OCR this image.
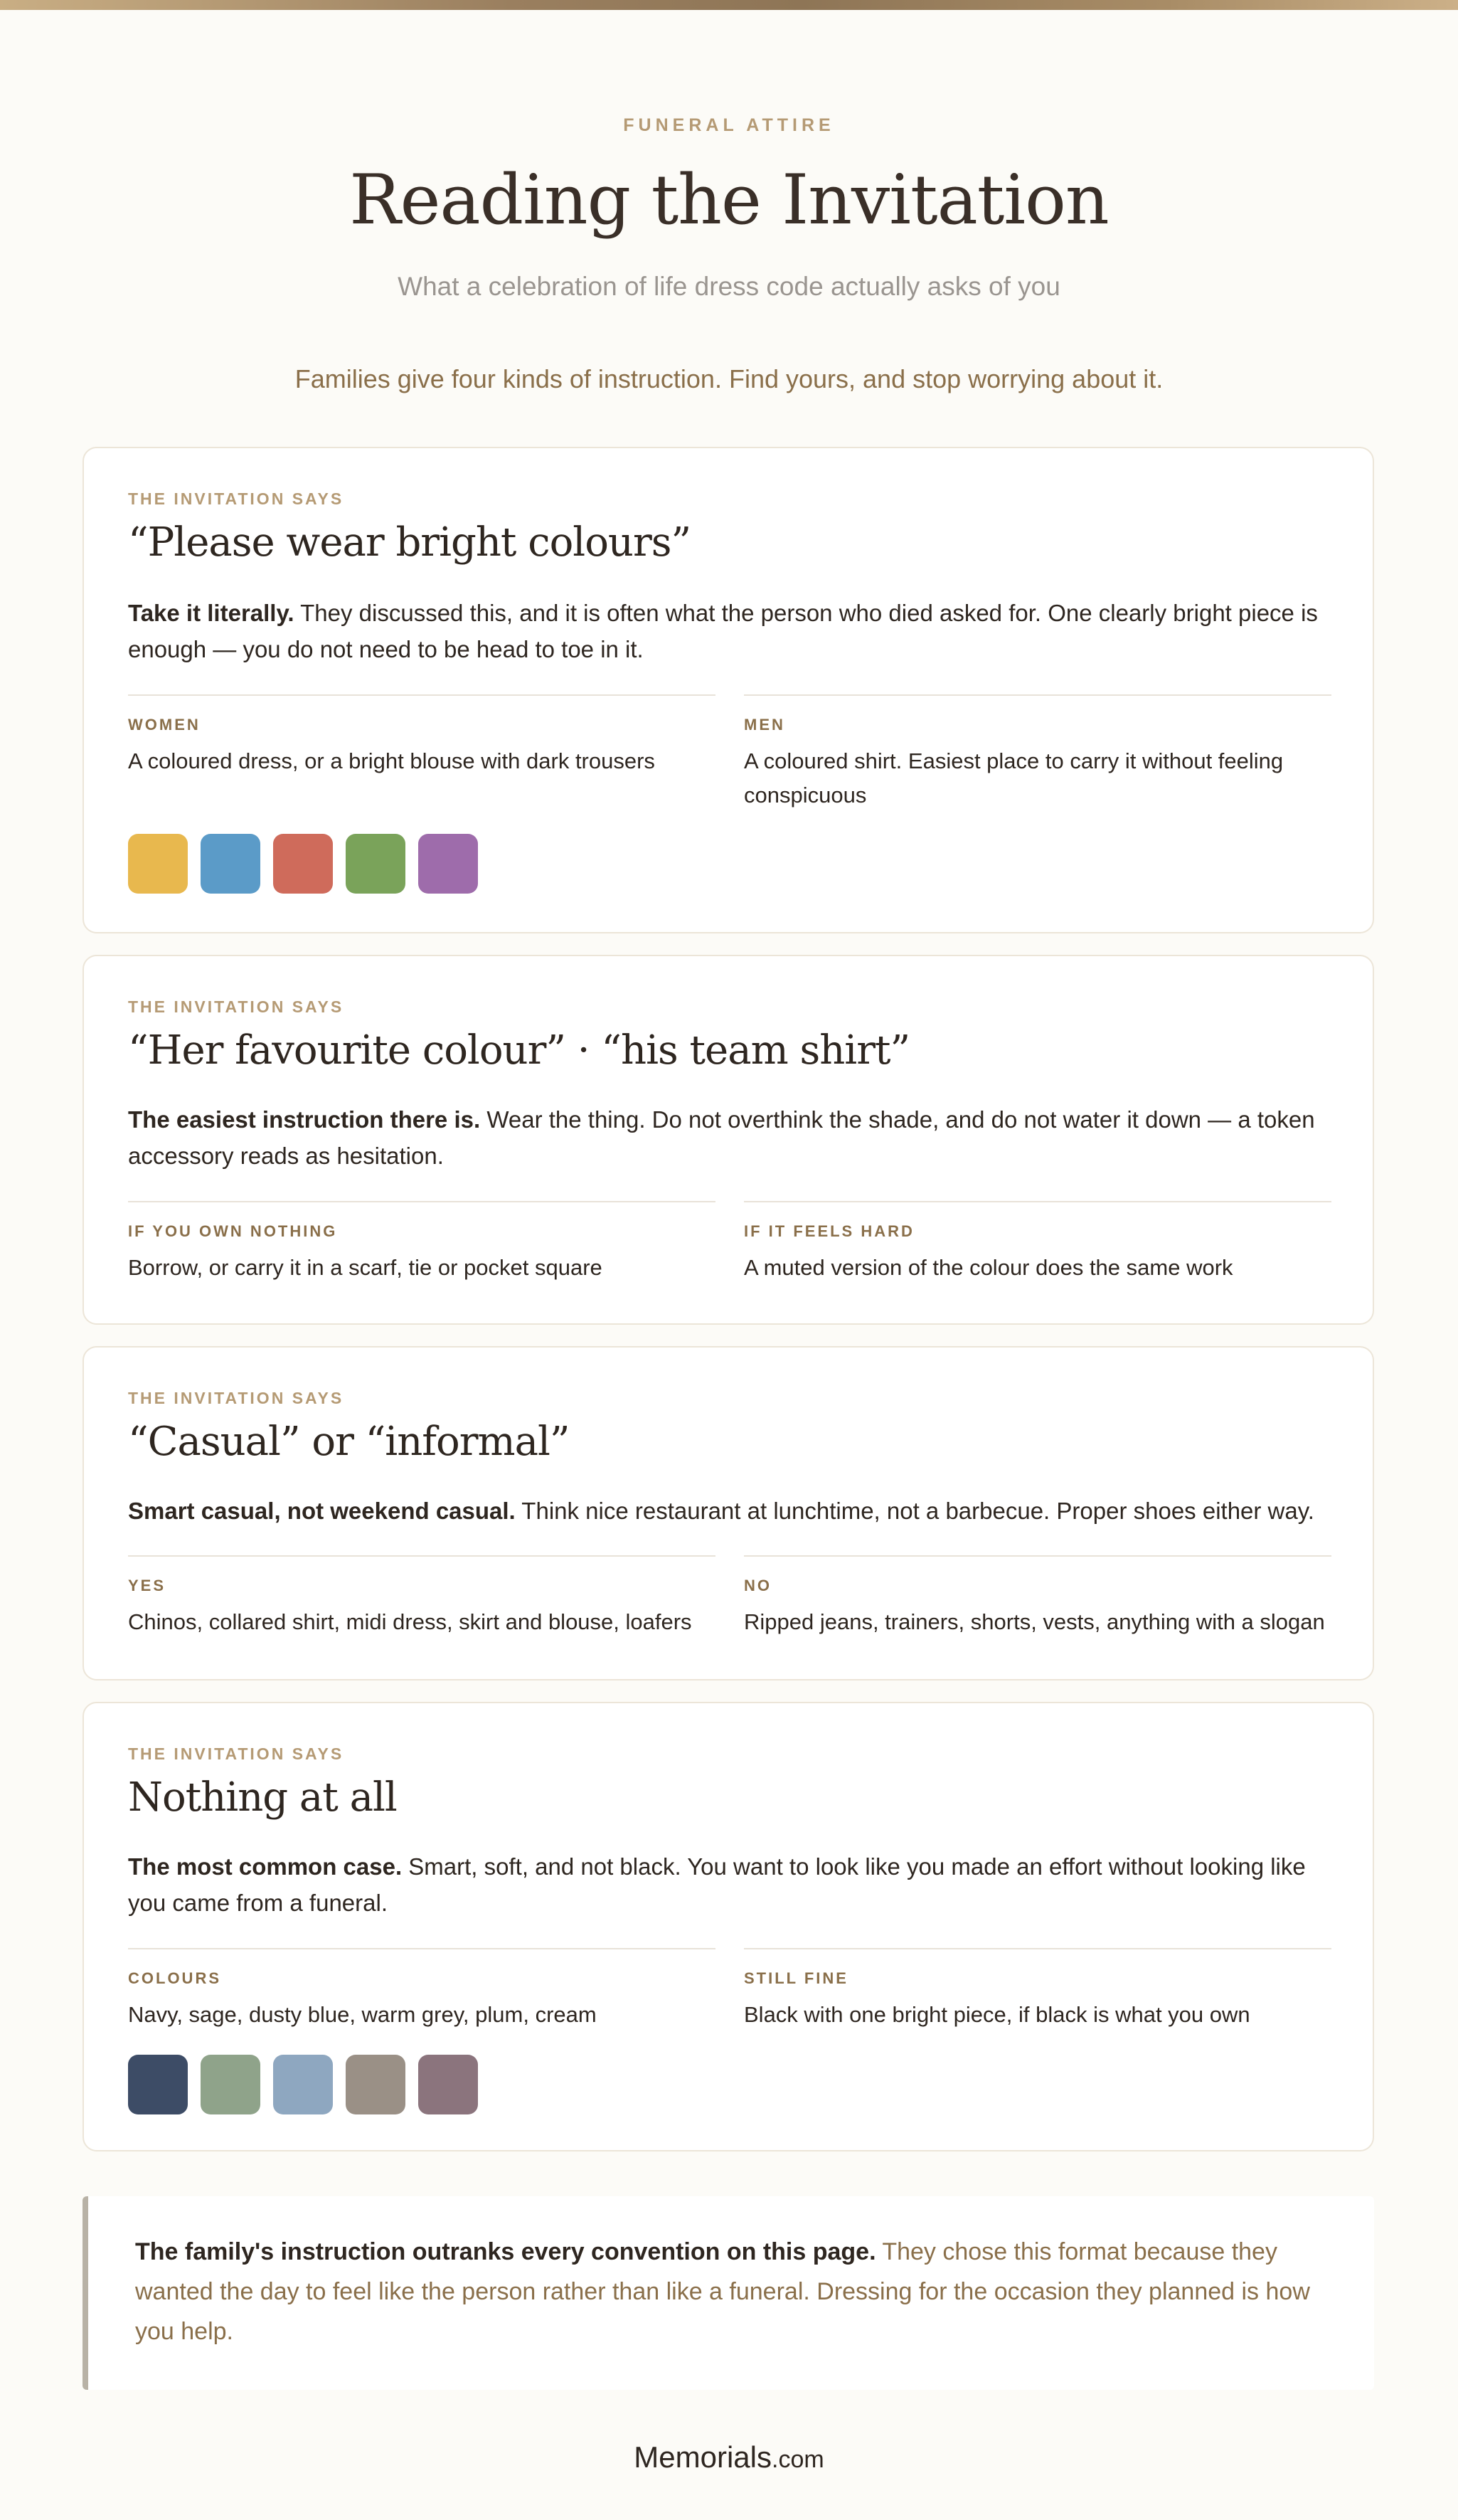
FUNERAL ATTIRE
Reading the Invitation
What a celebration of life dress code actually asks of you
Families give four kinds of instruction. Find yours, and stop worrying about it.
THE INVITATION SAYS
“Please wear bright colours”
Take it literally. They discussed this, and it is often what the person who died asked for. One clearly bright piece is enough — you do not need to be head to toe in it.
WOMEN
A coloured dress, or a bright blouse with dark trousers
MEN
A coloured shirt. Easiest place to carry it without feeling conspicuous
THE INVITATION SAYS
“Her favourite colour” · “his team shirt”
The easiest instruction there is. Wear the thing. Do not overthink the shade, and do not water it down — a token accessory reads as hesitation.
IF YOU OWN NOTHING
Borrow, or carry it in a scarf, tie or pocket square
IF IT FEELS HARD
A muted version of the colour does the same work
THE INVITATION SAYS
“Casual” or “informal”
Smart casual, not weekend casual. Think nice restaurant at lunchtime, not a barbecue. Proper shoes either way.
YES
Chinos, collared shirt, midi dress, skirt and blouse, loafers
NO
Ripped jeans, trainers, shorts, vests, anything with a slogan
THE INVITATION SAYS
Nothing at all
The most common case. Smart, soft, and not black. You want to look like you made an effort without looking like you came from a funeral.
COLOURS
Navy, sage, dusty blue, warm grey, plum, cream
STILL FINE
Black with one bright piece, if black is what you own
The family's instruction outranks every convention on this page. They chose this format because they wanted the day to feel like the person rather than like a funeral. Dressing for the occasion they planned is how you help.
Memorials.com
